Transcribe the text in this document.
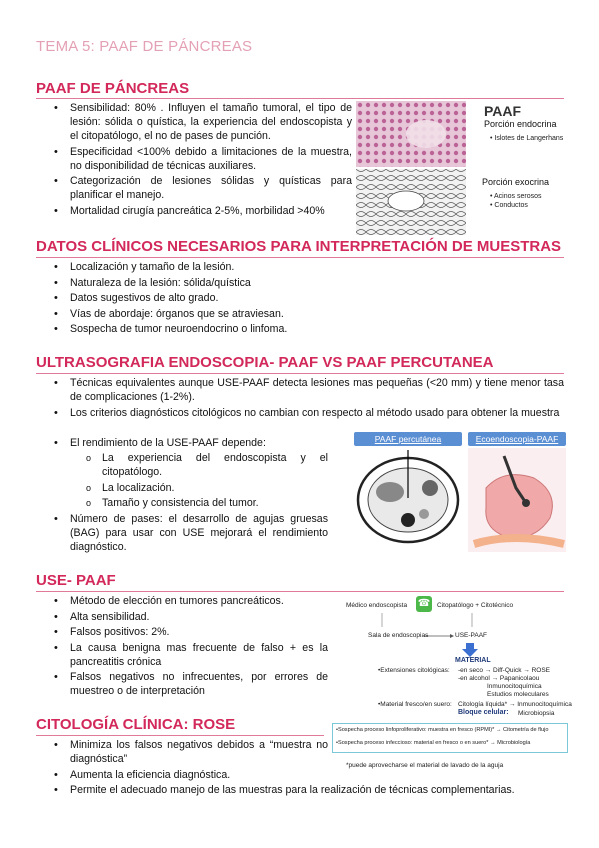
TEMA 5: PAAF DE PÁNCREAS
PAAF DE PÁNCREAS
• Sensibilidad: 80% . Influyen el tamaño tumoral, el tipo de lesión: sólida o quística, la experiencia del endoscopista y el citopatólogo, el no de pases de punción.
• Especificidad <100% debido a limitaciones de la muestra, no disponibilidad de técnicas auxiliares.
• Categorización de lesiones sólidas y quísticas para planificar el manejo.
• Mortalidad cirugía pancreática 2-5%, morbilidad >40%
PAAF
Porción endocrina
• Islotes de Langerhans
Porción exocrina
• Acinos serosos
• Conductos
DATOS CLÍNICOS NECESARIOS PARA INTERPRETACIÓN DE MUESTRAS
• Localización y tamaño de la lesión.
• Naturaleza de la lesión: sólida/quística
• Datos sugestivos de alto grado.
• Vías de abordaje: órganos que se atraviesan.
• Sospecha de tumor neuroendocrino o linfoma.
ULTRASOGRAFIA ENDOSCOPIA- PAAF VS PAAF PERCUTANEA
• Técnicas equivalentes aunque USE-PAAF detecta lesiones mas pequeñas (<20 mm) y tiene menor tasa de complicaciones (1-2%).
• Los criterios diagnósticos citológicos no cambian con respecto al método usado para obtener la muestra
• El rendimiento de la USE-PAAF depende:
o La experiencia del endoscopista y el citopatólogo.
o La localización.
o Tamaño y consistencia del tumor.
• Número de pases: el desarrollo de agujas gruesas (BAG) para usar con USE mejorará el rendimiento diagnóstico.
PAAF percutánea	Ecoendoscopia-PAAF
USE- PAAF
• Método de elección en tumores pancreáticos.
• Alta sensibilidad.
• Falsos positivos: 2%.
• La causa benigna mas frecuente de falso + es la pancreatitis crónica
• Falsos negativos no infrecuentes, por errores de muestreo o de interpretación
Médico endoscopista ☎ Citopatólogo + Citotécnico
Sala de endoscopias	USE-PAAF
MATERIAL
•Extensiones citológicas: -en seco → Diff-Quick → ROSE
-en alcohol → Papanicolaou
Inmunocitoquímica
Estudios moleculares
•Material fresco/en suero: Citología líquida* → Inmunocitoquímica
Bloque celular: Microbiopsia
•Sospecha proceso linfoproliferativo: muestra en fresco (RPMI)* → Citometría de flujo
•Sospecha proceso infeccioso: material en fresco o en suero* → Microbiología
*puede aprovecharse el material de lavado de la aguja
CITOLOGÍA CLÍNICA: ROSE
• Minimiza los falsos negativos debidos a “muestra no diagnóstica”
• Aumenta la eficiencia diagnóstica.
• Permite el adecuado manejo de las muestras para la realización de técnicas complementarias.
